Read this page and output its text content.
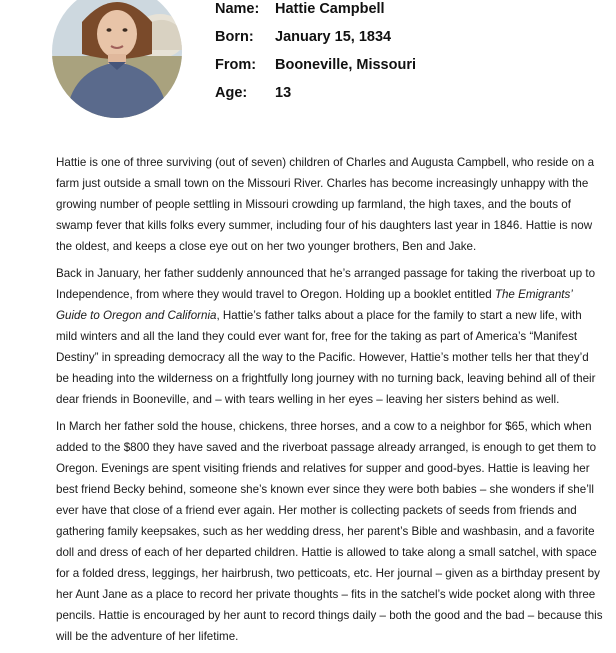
Name:	Hattie Campbell
Born:	January 15, 1834
From:	Booneville, Missouri
Age:	13

Hattie is one of three surviving (out of seven) children of Charles and Augusta Campbell, who reside on a farm just outside a small town on the Missouri River. Charles has become increasingly unhappy with the growing number of people settling in Missouri crowding up farmland, the high taxes, and the bouts of swamp fever that kills folks every summer, including four of his daughters last year in 1846. Hattie is now the oldest, and keeps a close eye out on her two younger brothers, Ben and Jake.

Back in January, her father suddenly announced that he’s arranged passage for taking the riverboat up to Independence, from where they would travel to Oregon. Holding up a booklet entitled The Emigrants’ Guide to Oregon and California, Hattie’s father talks about a place for the family to start a new life, with mild winters and all the land they could ever want for, free for the taking as part of America’s “Manifest Destiny” in spreading democracy all the way to the Pacific. However, Hattie’s mother tells her that they’d be heading into the wilderness on a frightfully long journey with no turning back, leaving behind all of their dear friends in Booneville, and – with tears welling in her eyes – leaving her sisters behind as well.

In March her father sold the house, chickens, three horses, and a cow to a neighbor for $65, which when added to the $800 they have saved and the riverboat passage already arranged, is enough to get them to Oregon. Evenings are spent visiting friends and relatives for supper and good-byes. Hattie is leaving her best friend Becky behind, someone she’s known ever since they were both babies – she wonders if she’ll ever have that close of a friend ever again. Her mother is collecting packets of seeds from friends and gathering family keepsakes, such as her wedding dress, her parent’s Bible and washbasin, and a favorite doll and dress of each of her departed children. Hattie is allowed to take along a small satchel, with space for a folded dress, leggings, her hairbrush, two petticoats, etc. Her journal – given as a birthday present by her Aunt Jane as a place to record her private thoughts – fits in the satchel’s wide pocket along with three pencils. Hattie is encouraged by her aunt to record things daily – both the good and the bad – because this will be the adventure of her lifetime.
